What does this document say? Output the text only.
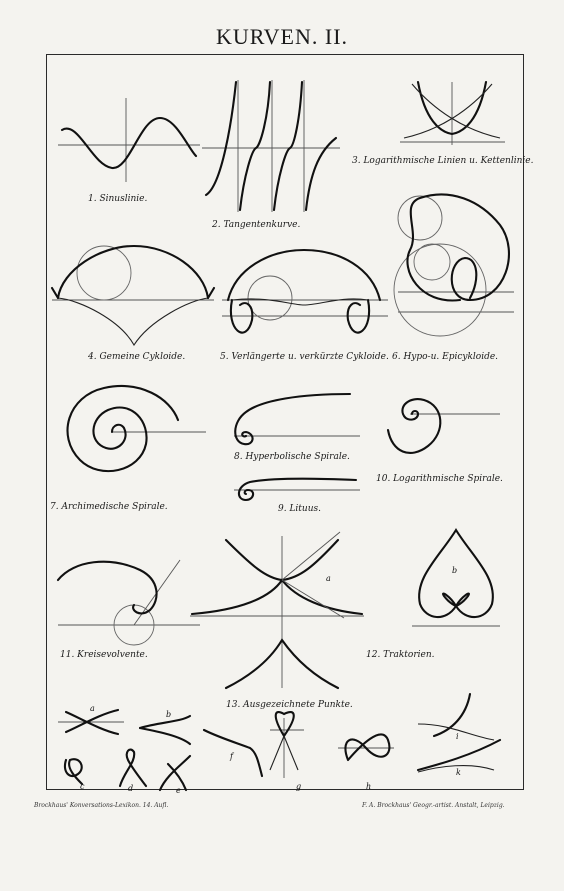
KURVEN. II.
1. Sinuslinie.
2. Tangentenkurve.
3. Logarithmische Linien u. Kettenlinie.
4. Gemeine Cykloide.	5. Verlängerte u. verkürzte Cykloide. 6. Hypo-u. Epicykloide.
7. Archimedische Spirale.
8. Hyperbolische Spirale.
9. Lituus.
10. Logarithmische Spirale.
11. Kreisevolvente.	12. Traktorien.
13. Ausgezeichnete Punkte.
a
b
c	d	e
f
g	h
i
k
a
b
Brockhaus' Konversations-Lexikon. 14. Aufl.	F. A. Brockhaus' Geogr.-artist. Anstalt, Leipzig.
